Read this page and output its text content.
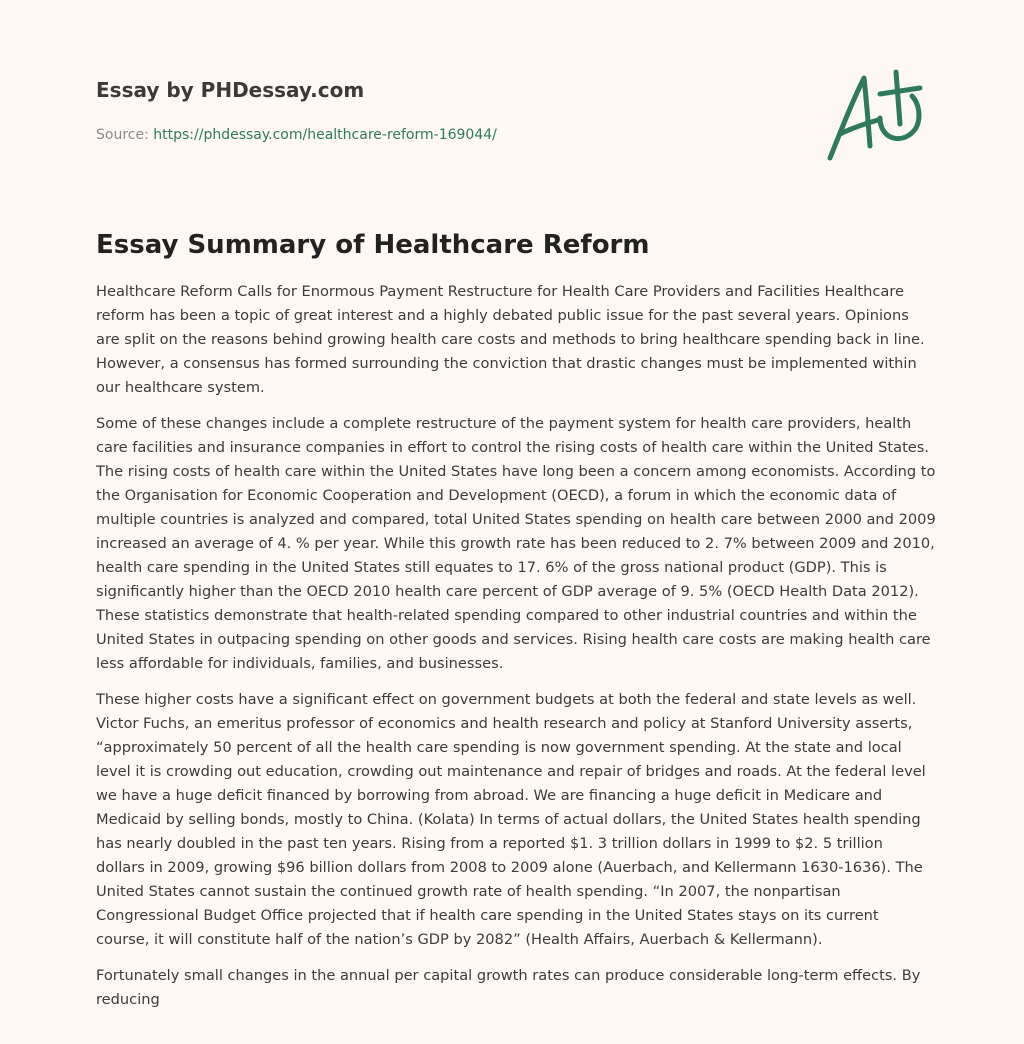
Essay by PHDessay.com
Source: https://phdessay.com/healthcare-reform-169044/
Essay Summary of Healthcare Reform

Healthcare Reform Calls for Enormous Payment Restructure for Health Care Providers and Facilities Healthcare reform has been a topic of great interest and a highly debated public issue for the past several years. Opinions are split on the reasons behind growing health care costs and methods to bring healthcare spending back in line. However, a consensus has formed surrounding the conviction that drastic changes must be implemented within our healthcare system.

Some of these changes include a complete restructure of the payment system for health care providers, health care facilities and insurance companies in effort to control the rising costs of health care within the United States. The rising costs of health care within the United States have long been a concern among economists. According to the Organisation for Economic Cooperation and Development (OECD), a forum in which the economic data of multiple countries is analyzed and compared, total United States spending on health care between 2000 and 2009 increased an average of 4. % per year. While this growth rate has been reduced to 2. 7% between 2009 and 2010, health care spending in the United States still equates to 17. 6% of the gross national product (GDP). This is significantly higher than the OECD 2010 health care percent of GDP average of 9. 5% (OECD Health Data 2012). These statistics demonstrate that health-related spending compared to other industrial countries and within the United States in outpacing spending on other goods and services. Rising health care costs are making health care less affordable for individuals, families, and businesses.

These higher costs have a significant effect on government budgets at both the federal and state levels as well. Victor Fuchs, an emeritus professor of economics and health research and policy at Stanford University asserts, “approximately 50 percent of all the health care spending is now government spending. At the state and local level it is crowding out education, crowding out maintenance and repair of bridges and roads. At the federal level we have a huge deficit financed by borrowing from abroad. We are financing a huge deficit in Medicare and Medicaid by selling bonds, mostly to China. (Kolata) In terms of actual dollars, the United States health spending has nearly doubled in the past ten years. Rising from a reported $1. 3 trillion dollars in 1999 to $2. 5 trillion dollars in 2009, growing $96 billion dollars from 2008 to 2009 alone (Auerbach, and Kellermann 1630-1636). The United States cannot sustain the continued growth rate of health spending. “In 2007, the nonpartisan Congressional Budget Office projected that if health care spending in the United States stays on its current course, it will constitute half of the nation’s GDP by 2082” (Health Affairs, Auerbach & Kellermann).

Fortunately small changes in the annual per capital growth rates can produce considerable long-term effects. By reducing
